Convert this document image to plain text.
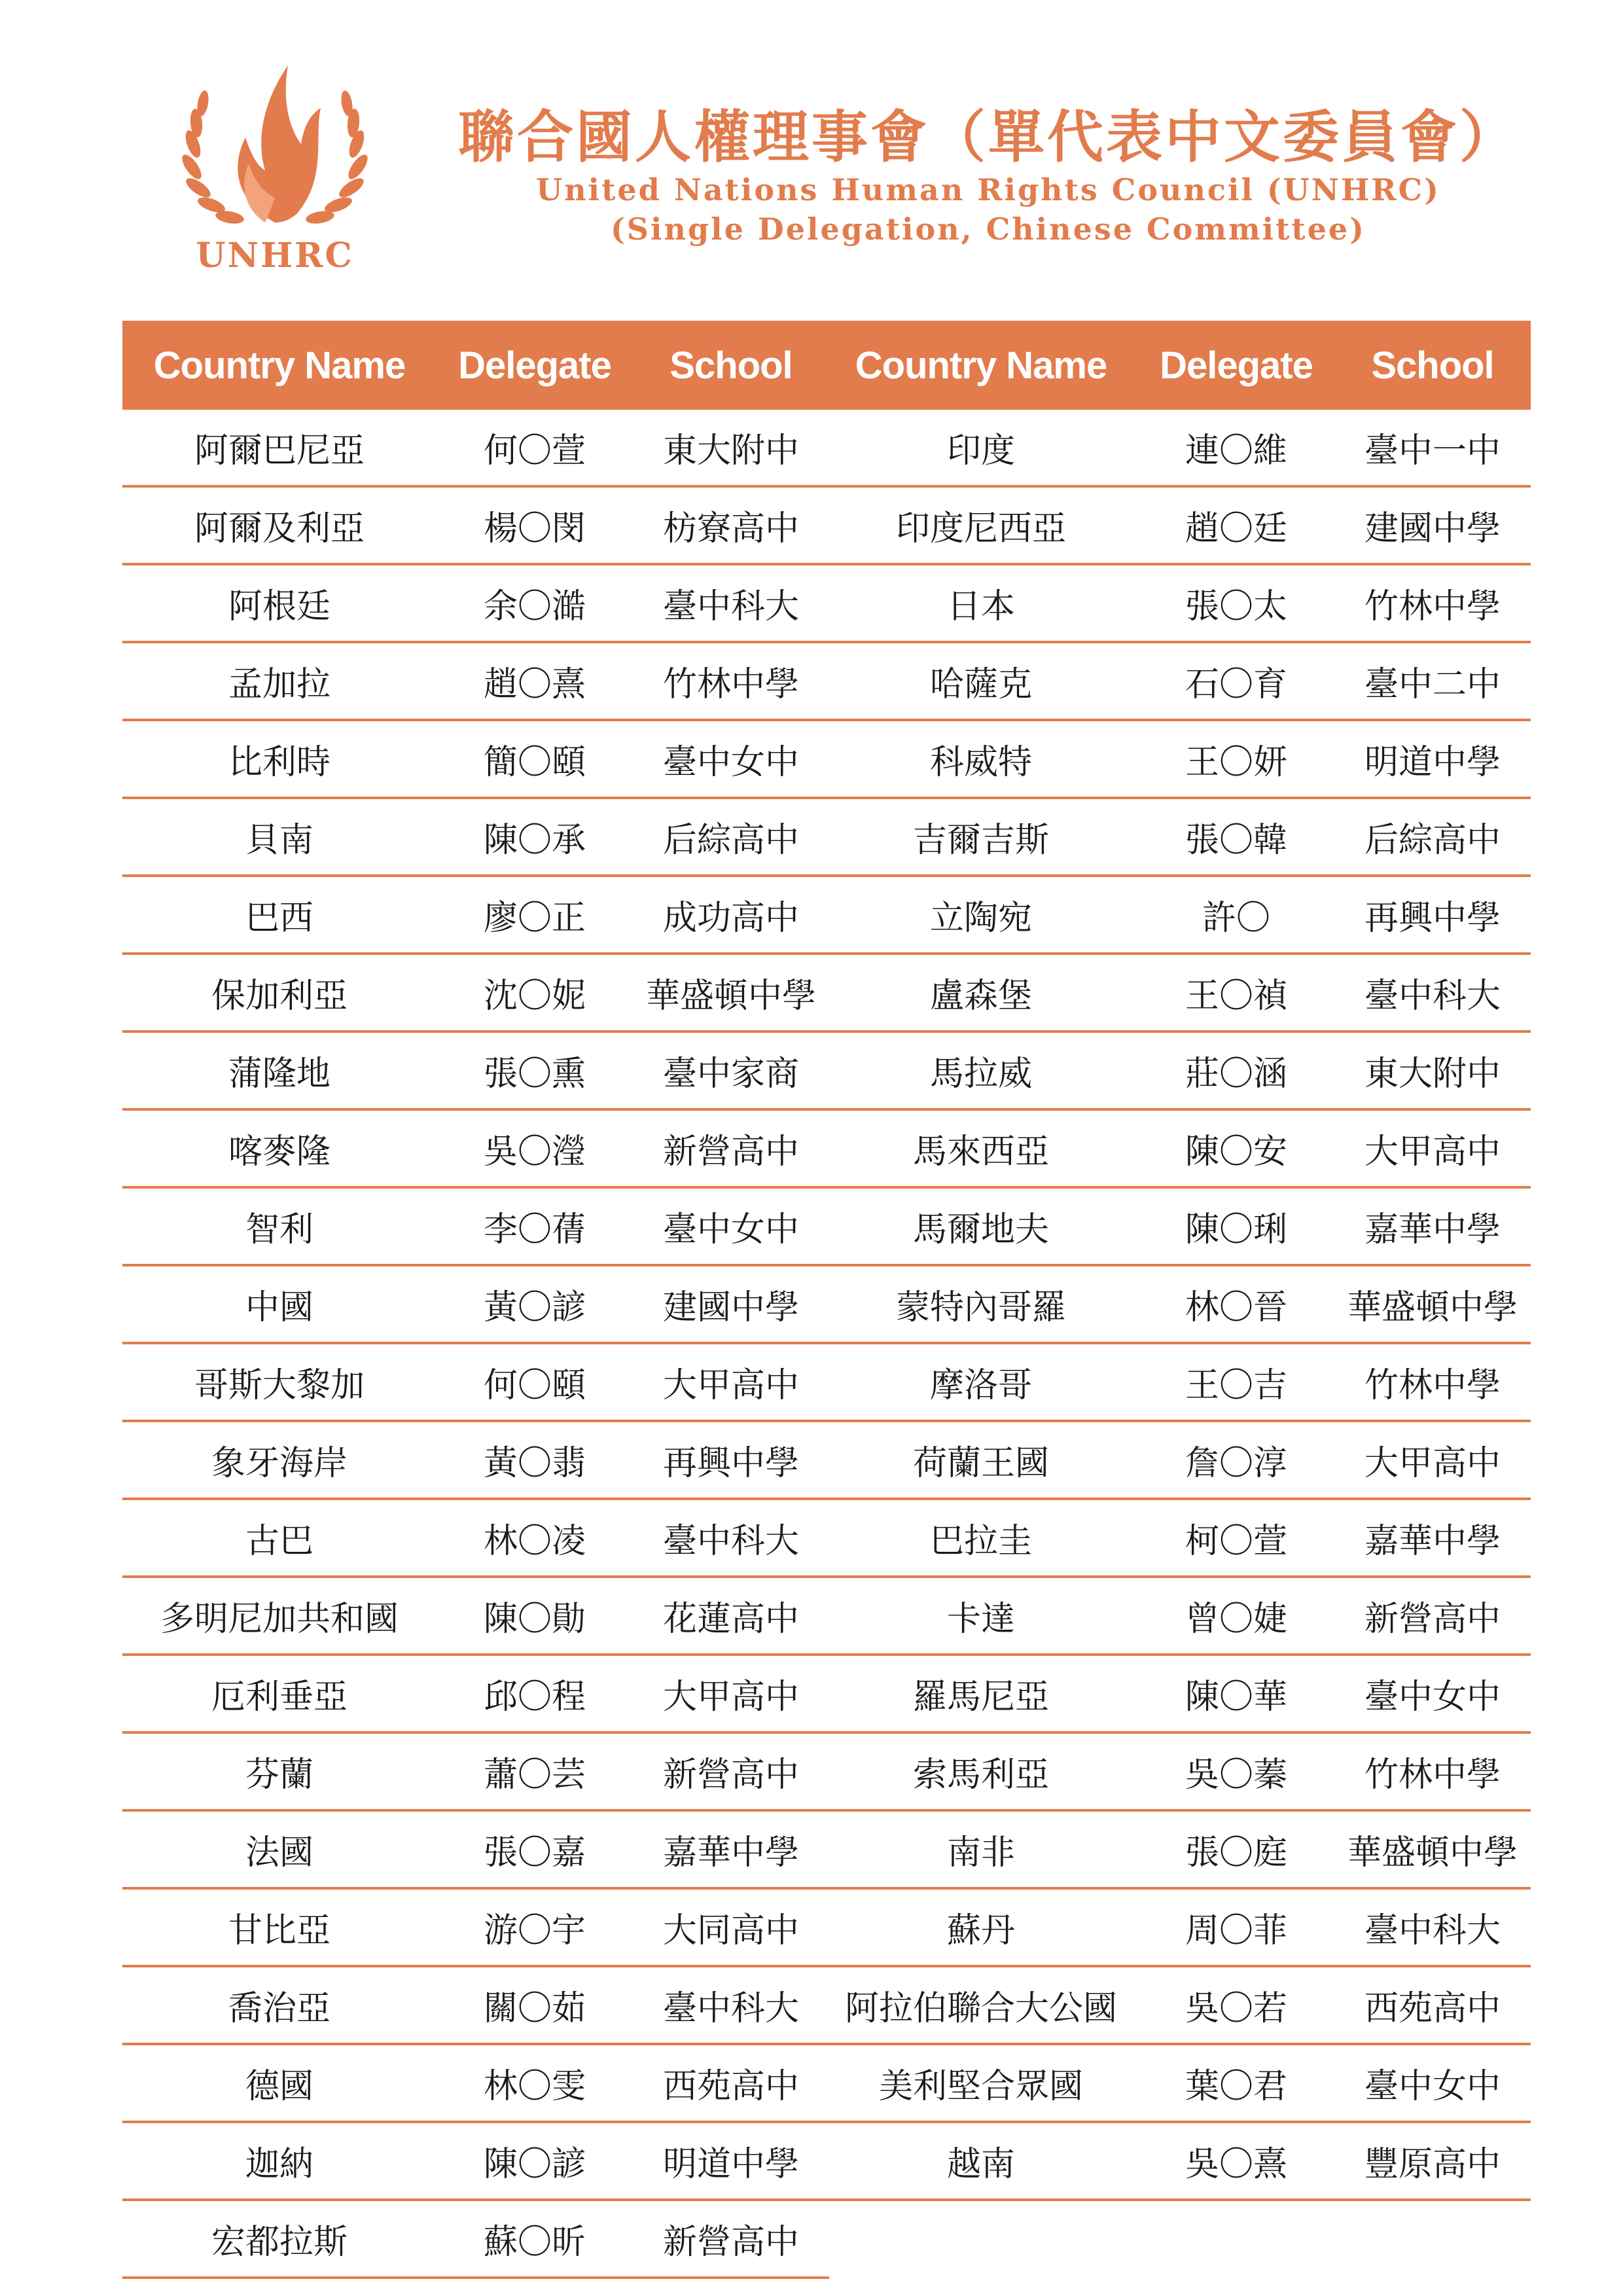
UNHRC
聯合國人權理事會（單代表中文委員會）
United Nations Human Rights Council (UNHRC)
(Single Delegation, Chinese Committee)
Country Name	Delegate	School
阿爾巴尼亞	何〇萱	東大附中
阿爾及利亞	楊〇閔	枋寮高中
阿根廷	余〇澔	臺中科大
孟加拉	趙〇熹	竹林中學
比利時	簡〇頤	臺中女中
貝南	陳〇承	后綜高中
巴西	廖〇正	成功高中
保加利亞	沈〇妮	華盛頓中學
蒲隆地	張〇熏	臺中家商
喀麥隆	吳〇瀅	新營高中
智利	李〇蒨	臺中女中
中國	黃〇諺	建國中學
哥斯大黎加	何〇頤	大甲高中
象牙海岸	黃〇翡	再興中學
古巴	林〇凌	臺中科大
多明尼加共和國	陳〇勛	花蓮高中
厄利垂亞	邱〇程	大甲高中
芬蘭	蕭〇芸	新營高中
法國	張〇嘉	嘉華中學
甘比亞	游〇宇	大同高中
喬治亞	關〇茹	臺中科大
德國	林〇雯	西苑高中
迦納	陳〇諺	明道中學
宏都拉斯	蘇〇昕	新營高中
Country Name	Delegate	School
印度	連〇維	臺中一中
印度尼西亞	趙〇廷	建國中學
日本	張〇太	竹林中學
哈薩克	石〇育	臺中二中
科威特	王〇妍	明道中學
吉爾吉斯	張〇韓	后綜高中
立陶宛	許〇	再興中學
盧森堡	王〇禎	臺中科大
馬拉威	莊〇涵	東大附中
馬來西亞	陳〇安	大甲高中
馬爾地夫	陳〇琍	嘉華中學
蒙特內哥羅	林〇晉	華盛頓中學
摩洛哥	王〇吉	竹林中學
荷蘭王國	詹〇淳	大甲高中
巴拉圭	柯〇萱	嘉華中學
卡達	曾〇婕	新營高中
羅馬尼亞	陳〇華	臺中女中
索馬利亞	吳〇蓁	竹林中學
南非	張〇庭	華盛頓中學
蘇丹	周〇菲	臺中科大
阿拉伯聯合大公國	吳〇若	西苑高中
美利堅合眾國	葉〇君	臺中女中
越南	吳〇熹	豐原高中
